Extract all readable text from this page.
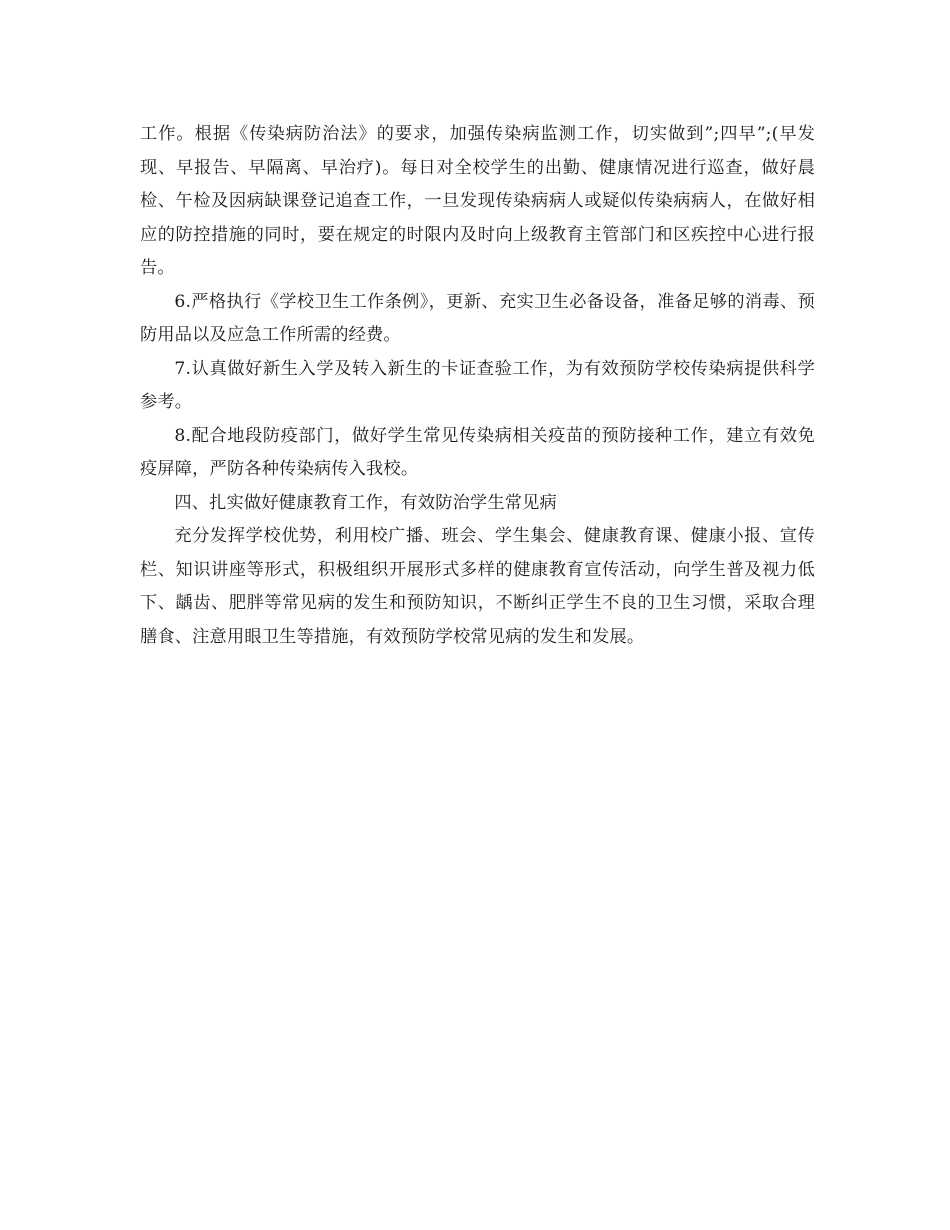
工作。根据《传染病防治法》的要求，加强传染病监测工作，切实做到”;四早”;(早发现、早报告、早隔离、早治疗)。每日对全校学生的出勤、健康情况进行巡查，做好晨检、午检及因病缺课登记追查工作，一旦发现传染病病人或疑似传染病病人，在做好相应的防控措施的同时，要在规定的时限内及时向上级教育主管部门和区疾控中心进行报告。

6.严格执行《学校卫生工作条例》，更新、充实卫生必备设备，准备足够的消毒、预防用品以及应急工作所需的经费。

7.认真做好新生入学及转入新生的卡证查验工作，为有效预防学校传染病提供科学参考。

8.配合地段防疫部门，做好学生常见传染病相关疫苗的预防接种工作，建立有效免疫屏障，严防各种传染病传入我校。

四、扎实做好健康教育工作，有效防治学生常见病

充分发挥学校优势，利用校广播、班会、学生集会、健康教育课、健康小报、宣传栏、知识讲座等形式，积极组织开展形式多样的健康教育宣传活动，向学生普及视力低下、龋齿、肥胖等常见病的发生和预防知识，不断纠正学生不良的卫生习惯，采取合理膳食、注意用眼卫生等措施，有效预防学校常见病的发生和发展。
